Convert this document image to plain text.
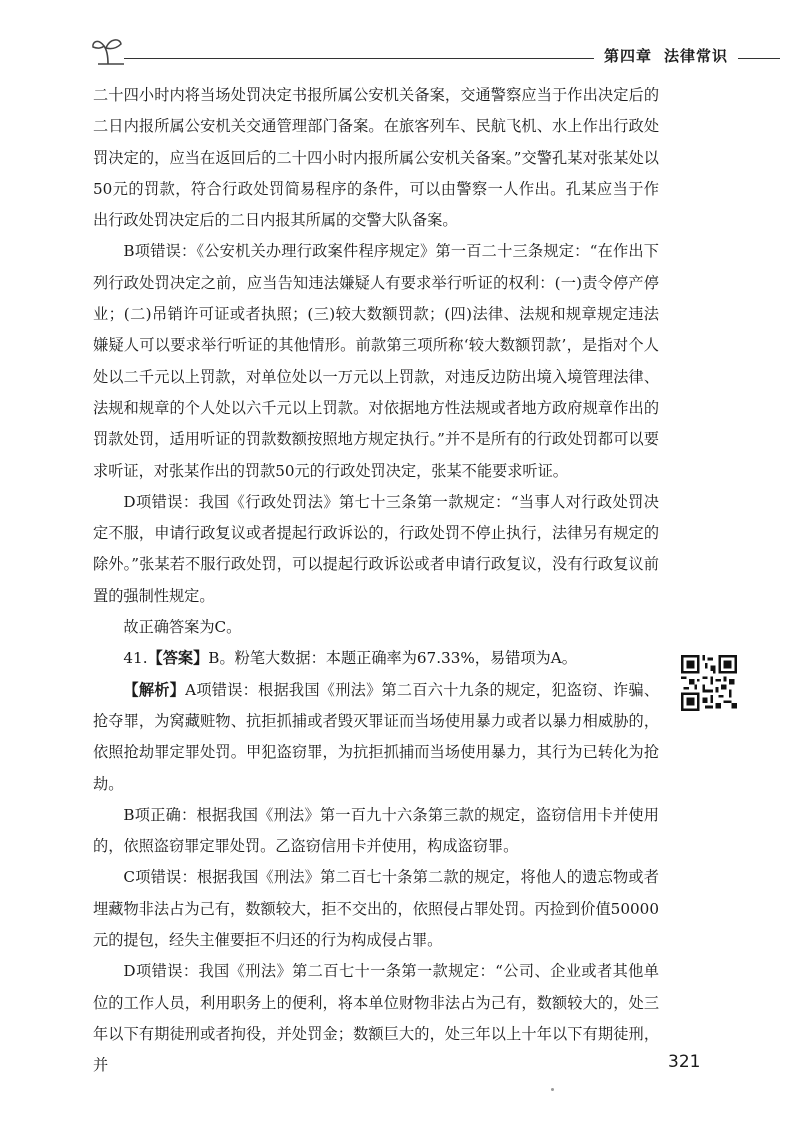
第四章 法律常识

二十四小时内将当场处罚决定书报所属公安机关备案，交通警察应当于作出决定后的二日内报所属公安机关交通管理部门备案。在旅客列车、民航飞机、水上作出行政处罚决定的，应当在返回后的二十四小时内报所属公安机关备案。”交警孔某对张某处以50元的罚款，符合行政处罚简易程序的条件，可以由警察一人作出。孔某应当于作出行政处罚决定后的二日内报其所属的交警大队备案。

B项错误：《公安机关办理行政案件程序规定》第一百二十三条规定：“在作出下列行政处罚决定之前，应当告知违法嫌疑人有要求举行听证的权利：(一)责令停产停业；(二)吊销许可证或者执照；(三)较大数额罚款；(四)法律、法规和规章规定违法嫌疑人可以要求举行听证的其他情形。前款第三项所称‘较大数额罚款’，是指对个人处以二千元以上罚款，对单位处以一万元以上罚款，对违反边防出境入境管理法律、法规和规章的个人处以六千元以上罚款。对依据地方性法规或者地方政府规章作出的罚款处罚，适用听证的罚款数额按照地方规定执行。”并不是所有的行政处罚都可以要求听证，对张某作出的罚款50元的行政处罚决定，张某不能要求听证。

D项错误：我国《行政处罚法》第七十三条第一款规定：“当事人对行政处罚决定不服，申请行政复议或者提起行政诉讼的，行政处罚不停止执行，法律另有规定的除外。”张某若不服行政处罚，可以提起行政诉讼或者申请行政复议，没有行政复议前置的强制性规定。

故正确答案为C。

41.【答案】B。粉笔大数据：本题正确率为67.33%，易错项为A。

【解析】A项错误：根据我国《刑法》第二百六十九条的规定，犯盗窃、诈骗、抢夺罪，为窝藏赃物、抗拒抓捕或者毁灭罪证而当场使用暴力或者以暴力相威胁的，依照抢劫罪定罪处罚。甲犯盗窃罪，为抗拒抓捕而当场使用暴力，其行为已转化为抢劫。

B项正确：根据我国《刑法》第一百九十六条第三款的规定，盗窃信用卡并使用的，依照盗窃罪定罪处罚。乙盗窃信用卡并使用，构成盗窃罪。

C项错误：根据我国《刑法》第二百七十条第二款的规定，将他人的遗忘物或者埋藏物非法占为己有，数额较大，拒不交出的，依照侵占罪处罚。丙捡到价值50000元的提包，经失主催要拒不归还的行为构成侵占罪。

D项错误：我国《刑法》第二百七十一条第一款规定：“公司、企业或者其他单位的工作人员，利用职务上的便利，将本单位财物非法占为己有，数额较大的，处三年以下有期徒刑或者拘役，并处罚金；数额巨大的，处三年以上十年以下有期徒刑，并	321
